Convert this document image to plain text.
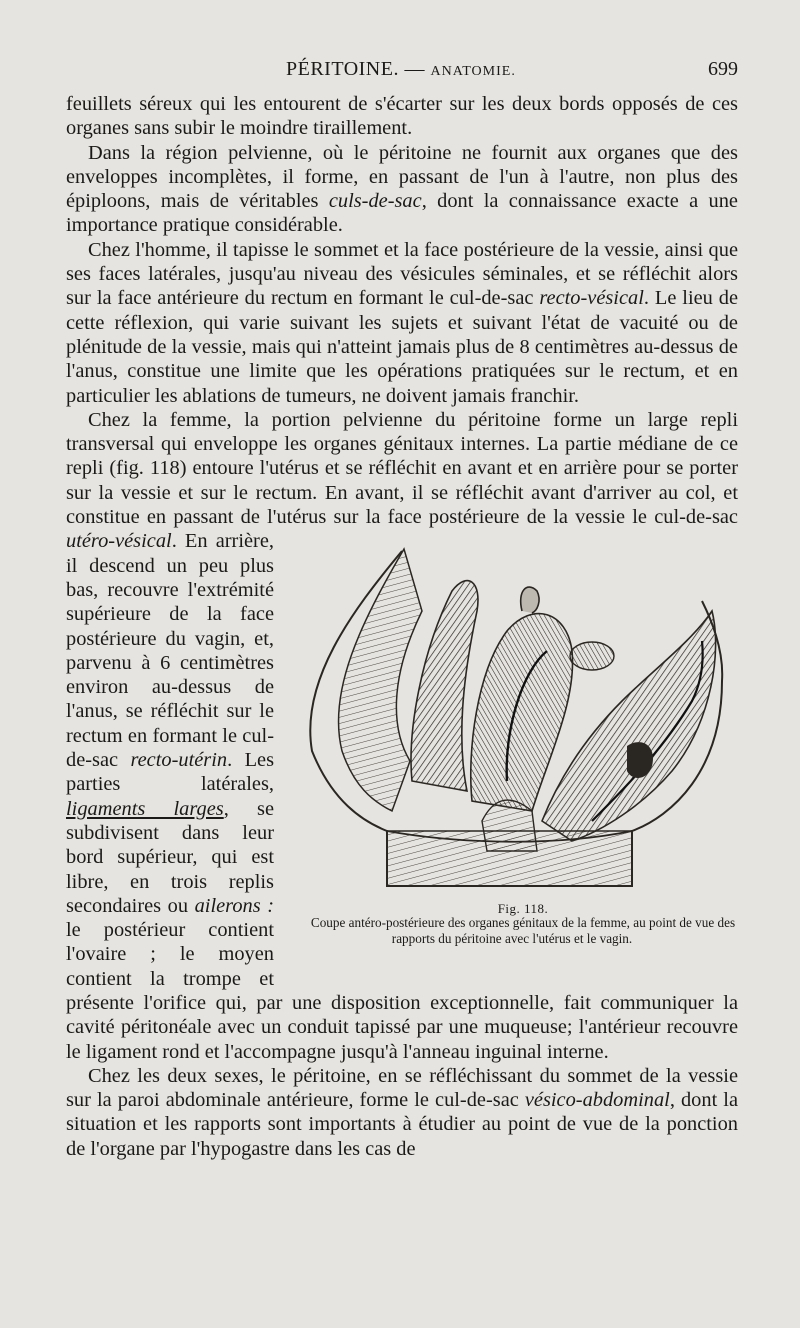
PÉRITOINE. — ANATOMIE.	699

feuillets séreux qui les entourent de s'écarter sur les deux bords opposés de ces organes sans subir le moindre tiraillement.

Dans la région pelvienne, où le péritoine ne fournit aux organes que des enveloppes incomplètes, il forme, en passant de l'un à l'autre, non plus des épiploons, mais de véritables culs-de-sac, dont la connaissance exacte a une importance pratique considérable.

Chez l'homme, il tapisse le sommet et la face postérieure de la vessie, ainsi que ses faces latérales, jusqu'au niveau des vésicules séminales, et se réfléchit alors sur la face antérieure du rectum en formant le cul-de-sac recto-vésical. Le lieu de cette réflexion, qui varie suivant les sujets et suivant l'état de vacuité ou de plénitude de la vessie, mais qui n'atteint jamais plus de 8 centimètres au-dessus de l'anus, constitue une limite que les opérations pratiquées sur le rectum, et en particulier les ablations de tumeurs, ne doivent jamais franchir.

Chez la femme, la portion pelvienne du péritoine forme un large repli transversal qui enveloppe les organes génitaux internes. La partie médiane de ce repli (fig. 118) entoure l'utérus et se réfléchit en avant et en arrière pour se porter sur la vessie et sur le rectum. En avant, il se réfléchit avant d'arriver au col, et constitue en passant de l'utérus sur la face postérieure de la vessie le cul-de-sac
Fig. 118.
Coupe antéro-postérieure des organes génitaux de la femme, au point de vue des rapports du péritoine avec l'utérus et le vagin.
utéro-vésical. En arrière, il descend un peu plus bas, recouvre l'extrémité supérieure de la face postérieure du vagin, et, parvenu à 6 centimètres environ au-dessus de l'anus, se réfléchit sur le rectum en formant le cul-de-sac recto-utérin. Les parties latérales, ligaments larges, se subdivisent dans leur bord supérieur, qui est libre, en trois replis secondaires ou ailerons : le postérieur contient l'ovaire ; le moyen contient la trompe et présente l'orifice qui, par une disposition exceptionnelle, fait communiquer la cavité péritonéale avec un conduit tapissé par une muqueuse; l'antérieur recouvre le ligament rond et l'accompagne jusqu'à l'anneau inguinal interne.

Chez les deux sexes, le péritoine, en se réfléchissant du sommet de la vessie sur la paroi abdominale antérieure, forme le cul-de-sac vésico-abdominal, dont la situation et les rapports sont importants à étudier au point de vue de la ponction de l'organe par l'hypogastre dans les cas de
